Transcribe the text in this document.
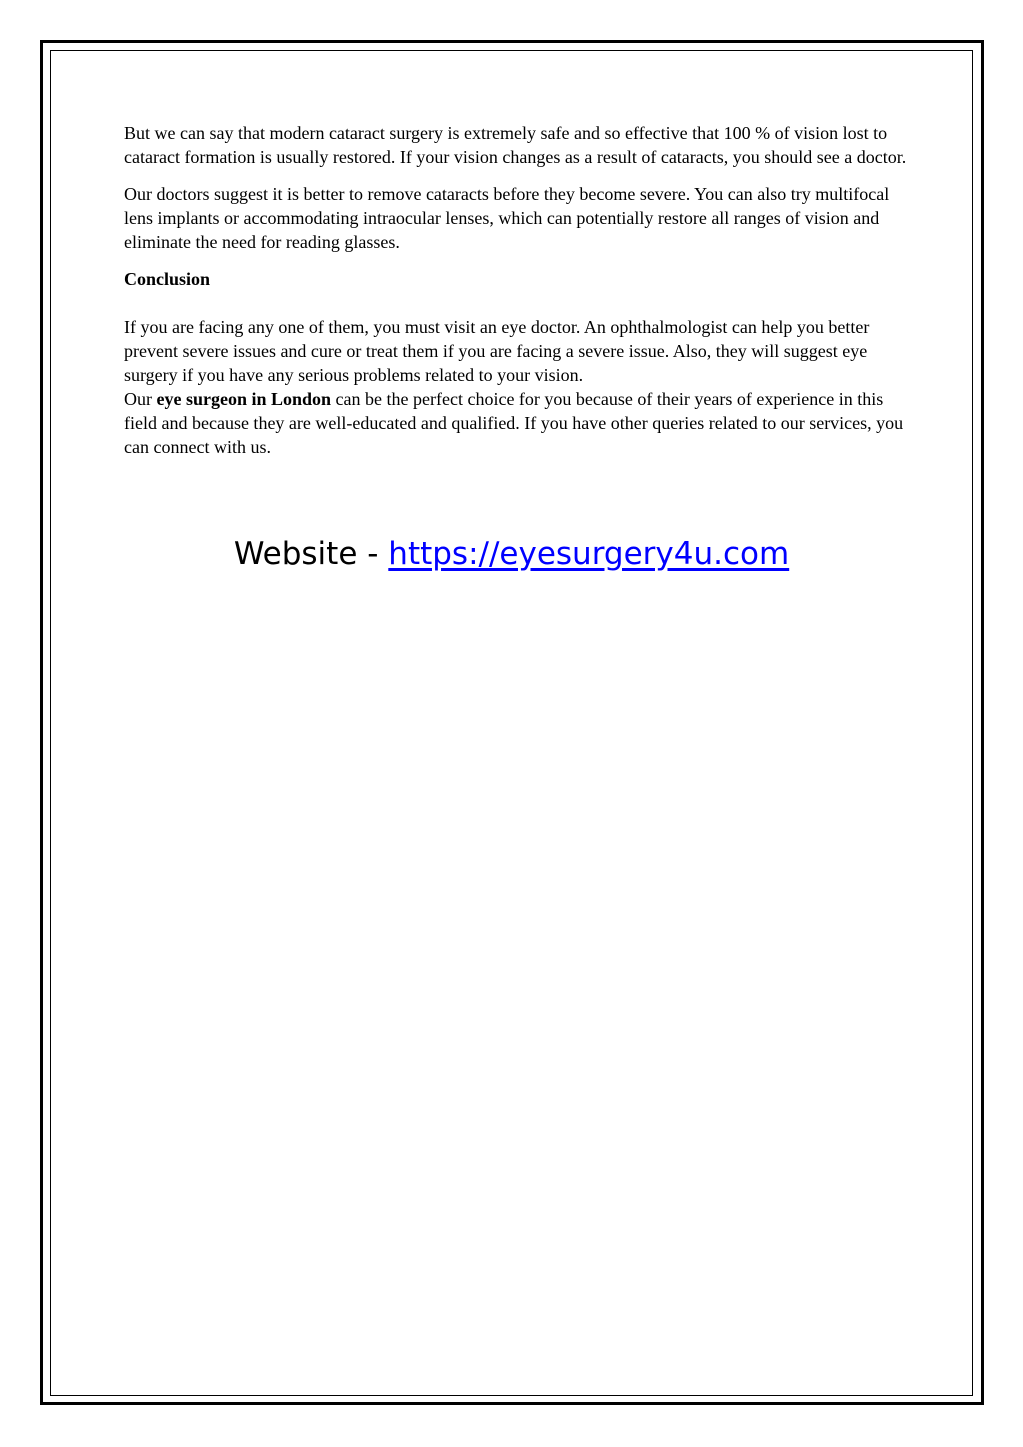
But we can say that modern cataract surgery is extremely safe and so effective that 100 % of vision lost to cataract formation is usually restored. If your vision changes as a result of cataracts, you should see a doctor.

Our doctors suggest it is better to remove cataracts before they become severe. You can also try multifocal lens implants or accommodating intraocular lenses, which can potentially restore all ranges of vision and eliminate the need for reading glasses.

Conclusion

If you are facing any one of them, you must visit an eye doctor. An ophthalmologist can help you better prevent severe issues and cure or treat them if you are facing a severe issue. Also, they will suggest eye surgery if you have any serious problems related to your vision.

Our eye surgeon in London can be the perfect choice for you because of their years of experience in this field and because they are well-educated and qualified. If you have other queries related to our services, you can connect with us.

Website - https://eyesurgery4u.com
